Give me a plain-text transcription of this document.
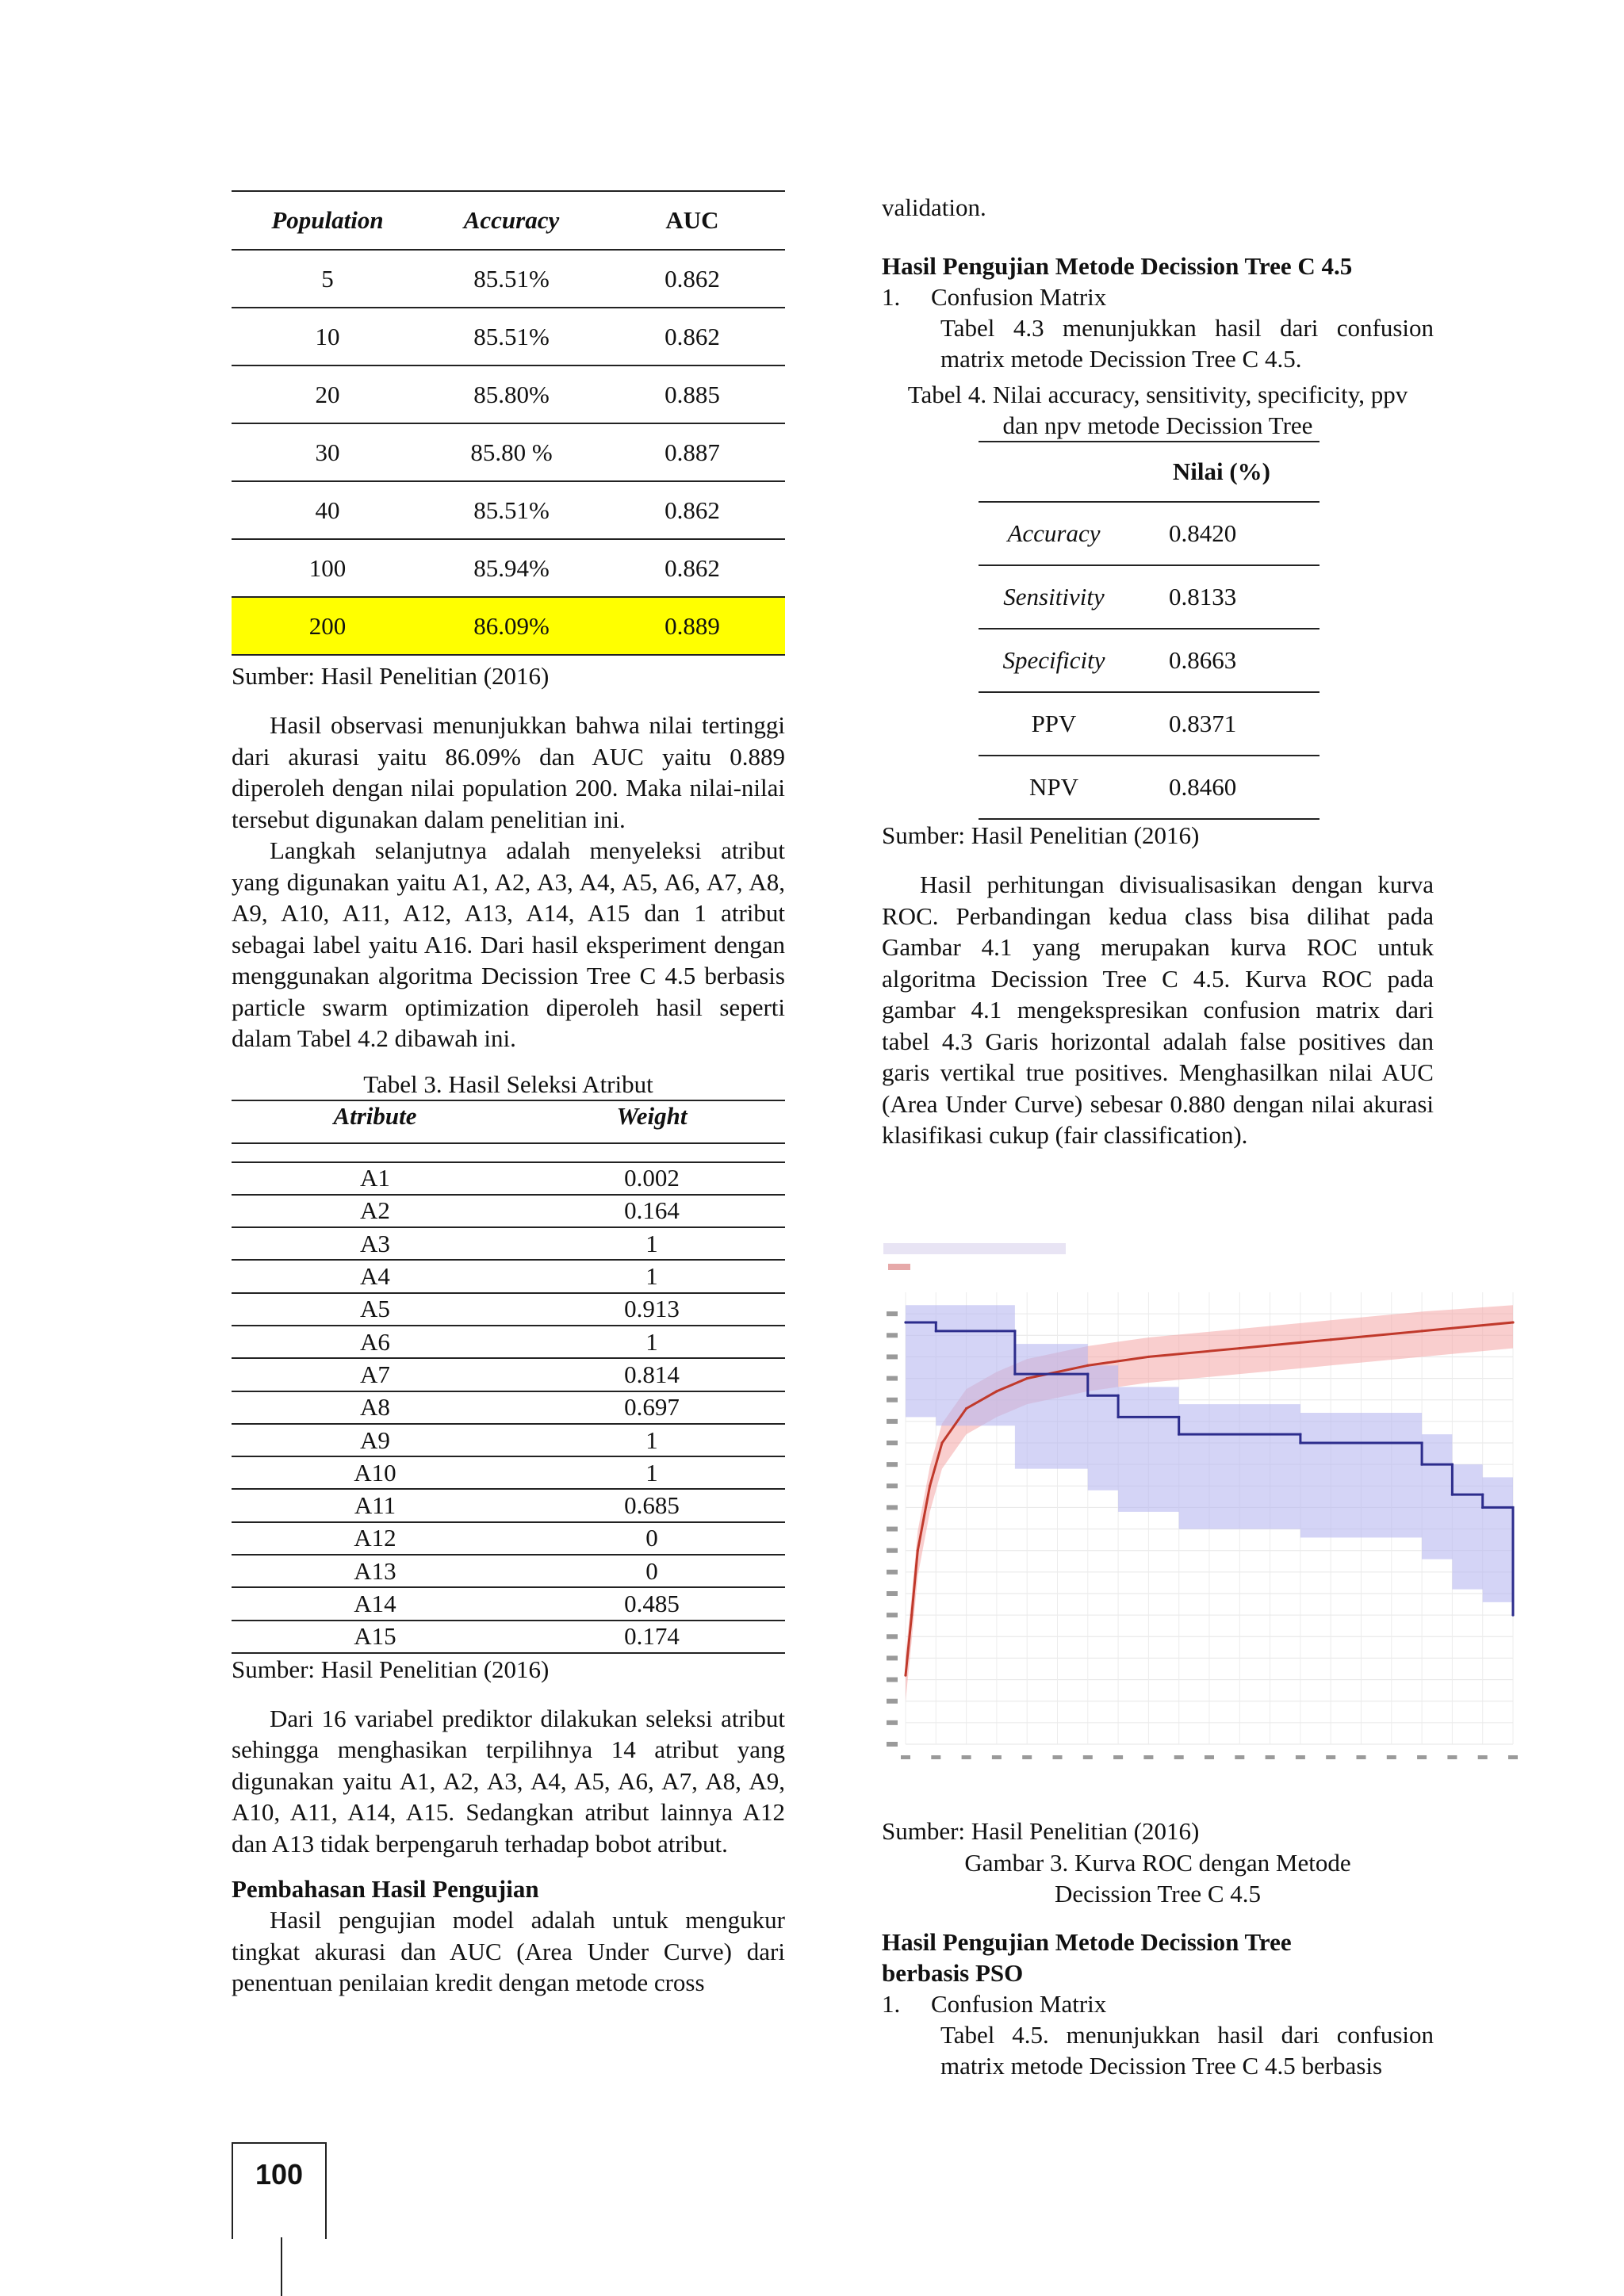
Population	Accuracy	AUC
5	85.51%	0.862
10	85.51%	0.862
20	85.80%	0.885
30	85.80 %	0.887
40	85.51%	0.862
100	85.94%	0.862
200	86.09%	0.889

Sumber: Hasil Penelitian (2016)

Hasil observasi menunjukkan bahwa nilai tertinggi dari akurasi yaitu 86.09% dan AUC yaitu 0.889 diperoleh dengan nilai population 200. Maka nilai-nilai tersebut digunakan dalam penelitian ini.

Langkah selanjutnya adalah menyeleksi atribut yang digunakan yaitu A1, A2, A3, A4, A5, A6, A7, A8, A9, A10, A11, A12, A13, A14, A15 dan 1 atribut sebagai label yaitu A16. Dari hasil eksperiment dengan menggunakan algoritma Decission Tree C 4.5 berbasis particle swarm optimization diperoleh hasil seperti dalam Tabel 4.2 dibawah ini.

Tabel 3. Hasil Seleksi Atribut

Atribute	Weight

A1	0.002
A2	0.164
A3	1
A4	1
A5	0.913
A6	1
A7	0.814
A8	0.697
A9	1
A10	1
A11	0.685
A12	0
A13	0
A14	0.485
A15	0.174

Sumber: Hasil Penelitian (2016)

Dari 16 variabel prediktor dilakukan seleksi atribut sehingga menghasikan terpilihnya 14 atribut yang digunakan yaitu A1, A2, A3, A4, A5, A6, A7, A8, A9, A10, A11, A14, A15. Sedangkan atribut lainnya A12 dan A13 tidak berpengaruh terhadap bobot atribut.

Pembahasan Hasil Pengujian

Hasil pengujian model adalah untuk mengukur tingkat akurasi dan AUC (Area Under Curve) dari penentuan penilaian kredit dengan metode cross

validation.

Hasil Pengujian Metode Decission Tree C 4.5

1. Confusion Matrix

Tabel 4.3 menunjukkan hasil dari confusion matrix metode Decission Tree C 4.5.

Tabel 4. Nilai accuracy, sensitivity, specificity, ppv dan npv metode Decission Tree

Nilai (%)	
Accuracy	0.8420
Sensitivity	0.8133
Specificity	0.8663
PPV	0.8371
NPV	0.8460

Sumber: Hasil Penelitian (2016)

Hasil perhitungan divisualisasikan dengan kurva ROC. Perbandingan kedua class bisa dilihat pada Gambar 4.1 yang merupakan kurva ROC untuk algoritma Decission Tree C 4.5. Kurva ROC pada gambar 4.1 mengekspresikan confusion matrix dari tabel 4.3 Garis horizontal adalah false positives dan garis vertikal true positives. Menghasilkan nilai AUC (Area Under Curve) sebesar 0.880 dengan nilai akurasi klasifikasi cukup (fair classification).

Sumber: Hasil Penelitian (2016)

Gambar 3. Kurva ROC dengan Metode Decission Tree C 4.5

Hasil Pengujian Metode Decission Tree berbasis PSO

1. Confusion Matrix

Tabel 4.5. menunjukkan hasil dari confusion matrix metode Decission Tree C 4.5 berbasis

100
